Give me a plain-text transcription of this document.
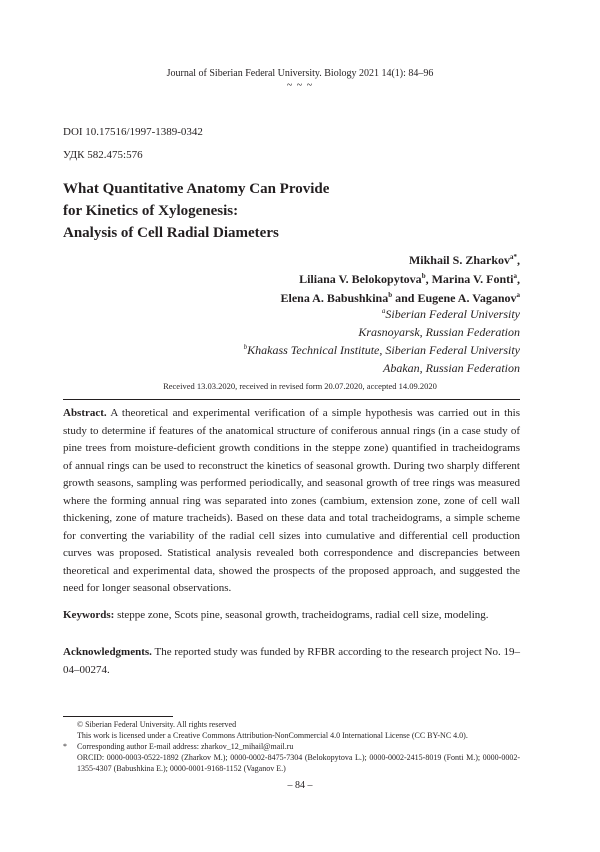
Journal of Siberian Federal University. Biology 2021 14(1): 84–96
~ ~ ~
DOI 10.17516/1997-1389-0342
УДК 582.475:576
What Quantitative Anatomy Can Provide
for Kinetics of Xylogenesis:
Analysis of Cell Radial Diameters
Mikhail S. Zharkov$^{a*}$,
Liliana V. Belokopytova$^b$, Marina V. Fonti$^a$,
Elena A. Babushkina$^b$ and Eugene A. Vaganov$^a$
$^a$Siberian Federal University
Krasnoyarsk, Russian Federation
$^b$Khakass Technical Institute, Siberian Federal University
Abakan, Russian Federation
Received 13.03.2020, received in revised form 20.07.2020, accepted 14.09.2020
Abstract. A theoretical and experimental verification of a simple hypothesis was carried out in this study to determine if features of the anatomical structure of coniferous annual rings (in a case study of pine trees from moisture-deficient growth conditions in the steppe zone) quantified in tracheidograms of annual rings can be used to reconstruct the kinetics of seasonal growth. During two sharply different growth seasons, sampling was performed periodically, and seasonal growth of tree rings was measured where the forming annual ring was separated into zones (cambium, extension zone, zone of cell wall thickening, zone of mature tracheids). Based on these data and total tracheidograms, a simple scheme for converting the variability of the radial cell sizes into cumulative and differential cell production curves was proposed. Statistical analysis revealed both correspondence and discrepancies between theoretical and experimental data, showed the prospects of the proposed approach, and suggested the need for longer seasonal observations.
Keywords: steppe zone, Scots pine, seasonal growth, tracheidograms, radial cell size, modeling.
Acknowledgments. The reported study was funded by RFBR according to the research project No. 19–04–00274.
© Siberian Federal University. All rights reserved
This work is licensed under a Creative Commons Attribution-NonCommercial 4.0 International License (CC BY-NC 4.0).
*	Corresponding author E-mail address: zharkov_12_mihail@mail.ru
ORCID: 0000-0003-0522-1892 (Zharkov M.); 0000-0002-8475-7304 (Belokopytova L.); 0000-0002-2415-8019 (Fonti M.); 0000-0002-1355-4307 (Babushkina E.); 0000-0001-9168-1152 (Vaganov E.)
– 84 –
